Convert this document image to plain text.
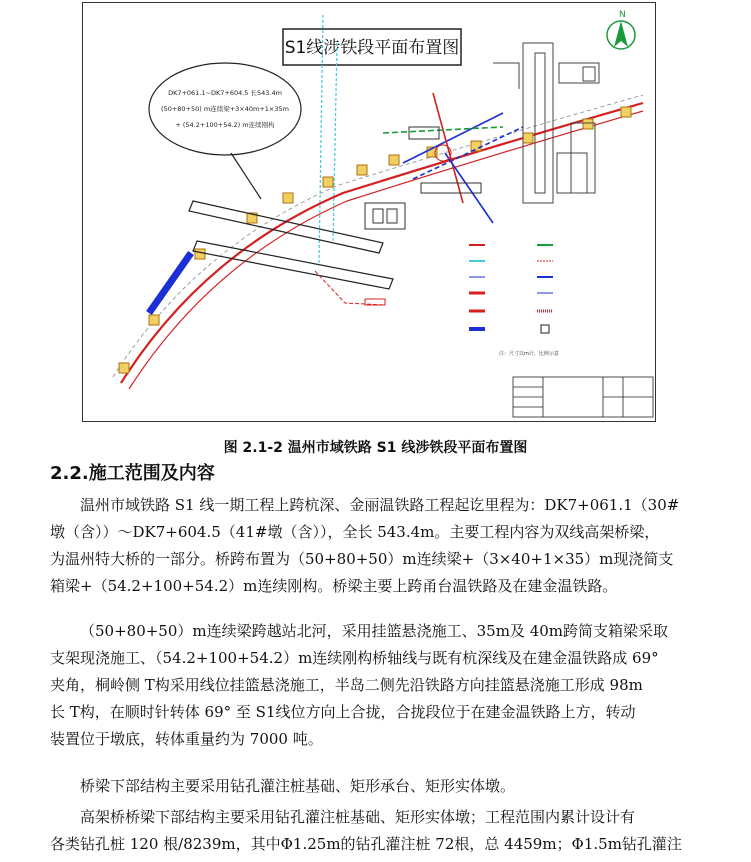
S1线涉铁段平面布置图
N
DK7+061.1~DK7+604.5 长543.4m
(50+80+50) m连续梁+3×40m+1×35m
+ (54.2+100+54.2) m连续刚构
注：尺寸以m计，比例示意
图 2.1-2 温州市域铁路 S1 线涉铁段平面布置图
2.2.施工范围及内容
温州市域铁路 S1 线一期工程上跨杭深、金丽温铁路工程起讫里程为：DK7+061.1（30#
墩（含））～DK7+604.5（41#墩（含）），全长 543.4m。主要工程内容为双线高架桥梁，
为温州特大桥的一部分。桥跨布置为（50+80+50）m连续梁+（3×40+1×35）m现浇简支
箱梁+（54.2+100+54.2）m连续刚构。桥梁主要上跨甬台温铁路及在建金温铁路。
（50+80+50）m连续梁跨越站北河，采用挂篮悬浇施工、35m及 40m跨简支箱梁采取
支架现浇施工、（54.2+100+54.2）m连续刚构桥轴线与既有杭深线及在建金温铁路成 69°
夹角，桐岭侧 T构采用线位挂篮悬浇施工，半岛二侧先沿铁路方向挂篮悬浇施工形成 98m
长 T构，在顺时针转体 69° 至 S1线位方向上合拢，合拢段位于在建金温铁路上方，转动
装置位于墩底，转体重量约为 7000 吨。
桥梁下部结构主要采用钻孔灌注桩基础、矩形承台、矩形实体墩。
高架桥桥梁下部结构主要采用钻孔灌注桩基础、矩形实体墩；工程范围内累计设计有
各类钻孔桩 120 根/8239m，其中Φ1.25m的钻孔灌注桩 72根，总 4459m；Φ1.5m钻孔灌注
